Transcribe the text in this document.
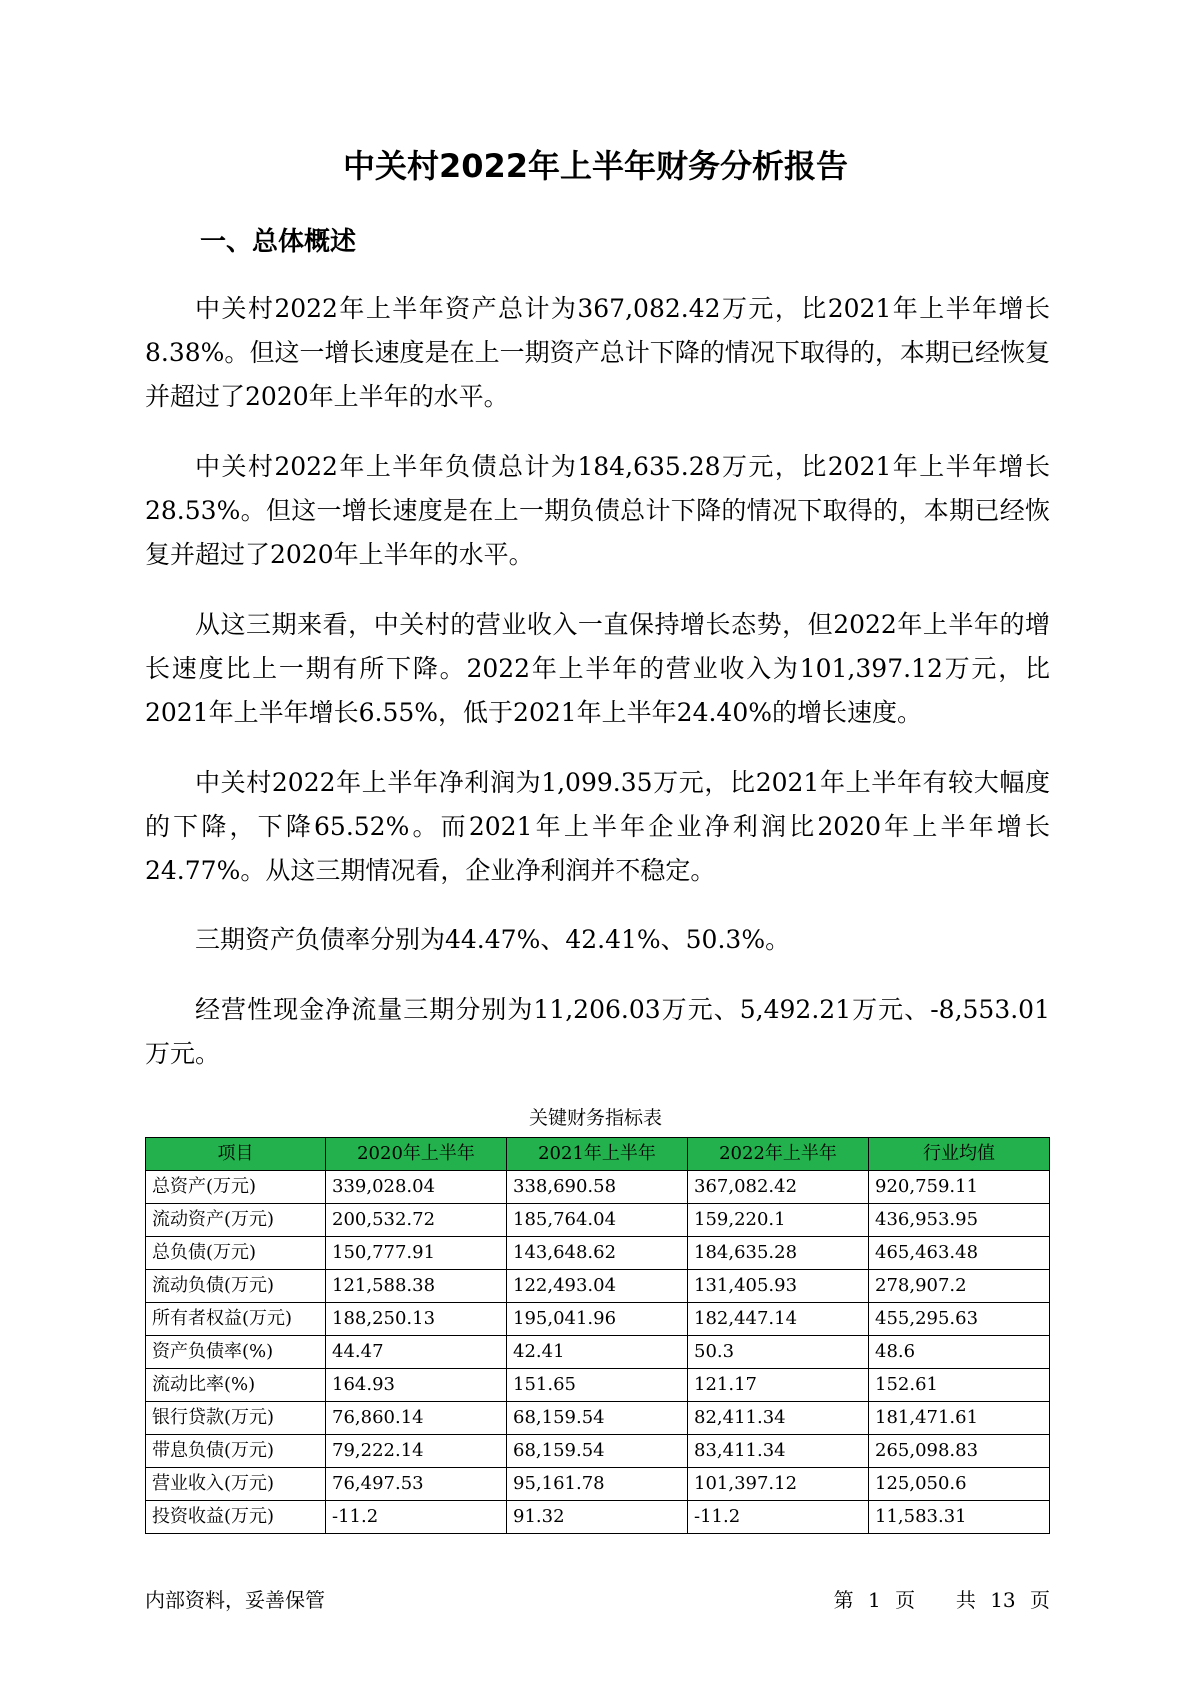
中关村2022年上半年财务分析报告
一、总体概述

中关村2022年上半年资产总计为367,082.42万元，比2021年上半年增长8.38%。但这一增长速度是在上一期资产总计下降的情况下取得的，本期已经恢复并超过了2020年上半年的水平。

中关村2022年上半年负债总计为184,635.28万元，比2021年上半年增长28.53%。但这一增长速度是在上一期负债总计下降的情况下取得的，本期已经恢复并超过了2020年上半年的水平。

从这三期来看，中关村的营业收入一直保持增长态势，但2022年上半年的增长速度比上一期有所下降。2022年上半年的营业收入为101,397.12万元，比2021年上半年增长6.55%，低于2021年上半年24.40%的增长速度。

中关村2022年上半年净利润为1,099.35万元，比2021年上半年有较大幅度的下降，下降65.52%。而2021年上半年企业净利润比2020年上半年增长24.77%。从这三期情况看，企业净利润并不稳定。

三期资产负债率分别为44.47%、42.41%、50.3%。

经营性现金净流量三期分别为11,206.03万元、5,492.21万元、-8,553.01万元。

关键财务指标表
项目	2020年上半年	2021年上半年	2022年上半年	行业均值
总资产(万元)	339,028.04	338,690.58	367,082.42	920,759.11
流动资产(万元)	200,532.72	185,764.04	159,220.1	436,953.95
总负债(万元)	150,777.91	143,648.62	184,635.28	465,463.48
流动负债(万元)	121,588.38	122,493.04	131,405.93	278,907.2
所有者权益(万元)	188,250.13	195,041.96	182,447.14	455,295.63
资产负债率(%)	44.47	42.41	50.3	48.6
流动比率(%)	164.93	151.65	121.17	152.61
银行贷款(万元)	76,860.14	68,159.54	82,411.34	181,471.61
带息负债(万元)	79,222.14	68,159.54	83,411.34	265,098.83
营业收入(万元)	76,497.53	95,161.78	101,397.12	125,050.6
投资收益(万元)	-11.2	91.32	-11.2	11,583.31
内部资料，妥善保管	第 1 页 共 13 页
